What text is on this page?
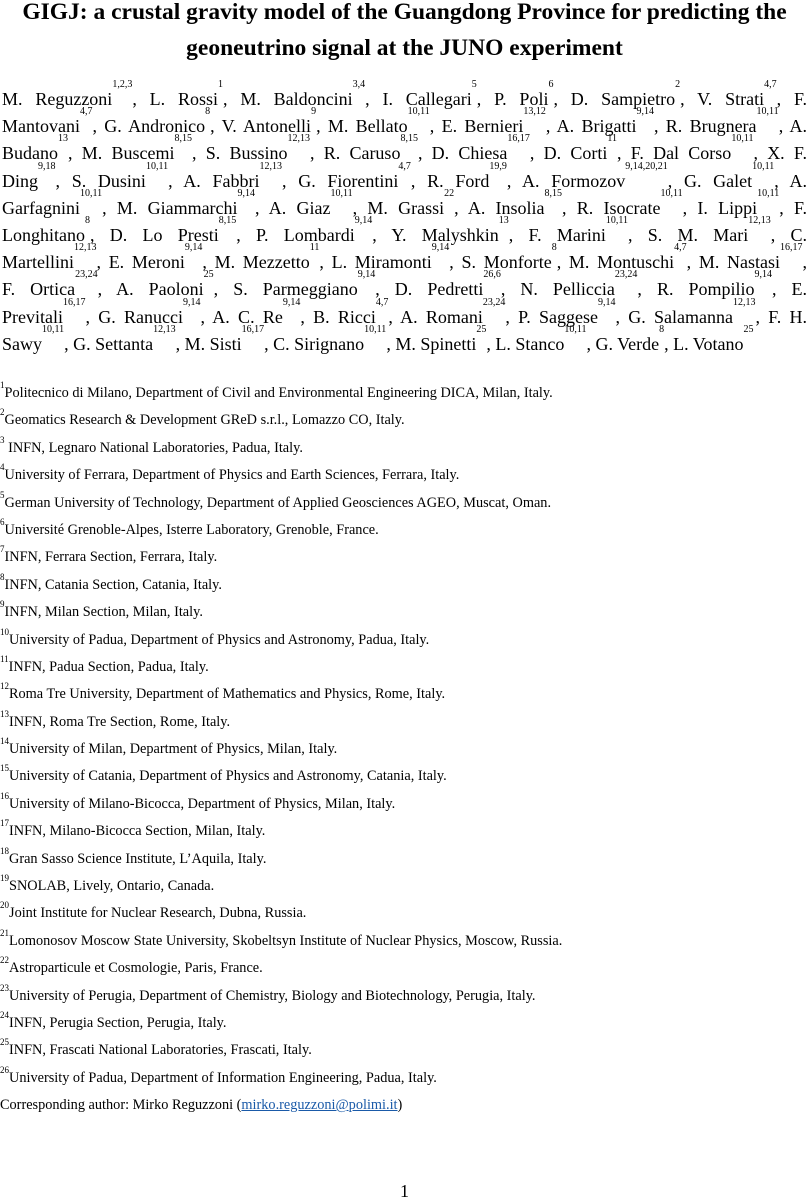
GIGJ: a crustal gravity model of the Guangdong Province for predicting the
geoneutrino signal at the JUNO experiment
M. Reguzzoni$^{1,2,3}$, L. Rossi$^1$, M. Baldoncini$^{3,4}$, I. Callegari$^5$, P. Poli$^6$, D. Sampietro$^2$, V. Strati$^{4,7}$, F.
Mantovani$^{4,7}$, G. Andronico$^8$, V. Antonelli$^9$, M. Bellato$^{10,11}$, E. Bernieri$^{13,12}$, A. Brigatti$^{9,14}$, R. Brugnera$^{10,11}$, A.
Budano$^{13}$, M. Buscemi$^{8,15}$, S. Bussino$^{12,13}$, R. Caruso$^{8,15}$, D. Chiesa$^{16,17}$, D. Corti$^{11}$, F. Dal Corso$^{10,11}$, X. F.
Ding$^{9,18}$, S. Dusini$^{10,11}$, A. Fabbri$^{12,13}$, G. Fiorentini$^{4,7}$, R. Ford$^{19,9}$, A. Formozov$^{9,14,20,21}$, G. Galet$^{10,11}$, A.
Garfagnini$^{10,11}$, M. Giammarchi$^{9,14}$, A. Giaz$^{10,11}$, M. Grassi$^{22}$, A. Insolia$^{8,15}$, R. Isocrate$^{10,11}$, I. Lippi$^{10,11}$, F.
Longhitano$^8$, D. Lo Presti$^{8,15}$, P. Lombardi$^{9,14}$, Y. Malyshkin$^{13}$, F. Marini$^{10,11}$, S. M. Mari$^{12,13}$, C.
Martellini$^{12,13}$, E. Meroni$^{9,14}$, M. Mezzetto$^{11}$, L. Miramonti$^{9,14}$, S. Monforte$^8$, M. Montuschi$^{4,7}$, M. Nastasi$^{16,17}$,
F. Ortica$^{23,24}$, A. Paoloni$^{25}$, S. Parmeggiano$^{9,14}$, D. Pedretti$^{26,6}$, N. Pelliccia$^{23,24}$, R. Pompilio$^{9,14}$, E.
Previtali$^{16,17}$, G. Ranucci$^{9,14}$, A. C. Re$^{9,14}$, B. Ricci$^{4,7}$, A. Romani$^{23,24}$, P. Saggese$^{9,14}$, G. Salamanna$^{12,13}$, F. H.
Sawy$^{10,11}$, G. Settanta$^{12,13}$, M. Sisti$^{16,17}$, C. Sirignano$^{10,11}$, M. Spinetti$^{25}$, L. Stanco$^{10,11}$, G. Verde$^8$, L. Votano$^{25}$
$^1$Politecnico di Milano, Department of Civil and Environmental Engineering DICA, Milan, Italy.
$^2$Geomatics Research & Development GReD s.r.l., Lomazzo CO, Italy.
$^3$ INFN, Legnaro National Laboratories, Padua, Italy.
$^4$University of Ferrara, Department of Physics and Earth Sciences, Ferrara, Italy.
$^5$German University of Technology, Department of Applied Geosciences AGEO, Muscat, Oman.
$^6$Université Grenoble-Alpes, Isterre Laboratory, Grenoble, France.
$^7$INFN, Ferrara Section, Ferrara, Italy.
$^8$INFN, Catania Section, Catania, Italy.
$^9$INFN, Milan Section, Milan, Italy.
$^{10}$University of Padua, Department of Physics and Astronomy, Padua, Italy.
$^{11}$INFN, Padua Section, Padua, Italy.
$^{12}$Roma Tre University, Department of Mathematics and Physics, Rome, Italy.
$^{13}$INFN, Roma Tre Section, Rome, Italy.
$^{14}$University of Milan, Department of Physics, Milan, Italy.
$^{15}$University of Catania, Department of Physics and Astronomy, Catania, Italy.
$^{16}$University of Milano-Bicocca, Department of Physics, Milan, Italy.
$^{17}$INFN, Milano-Bicocca Section, Milan, Italy.
$^{18}$Gran Sasso Science Institute, L’Aquila, Italy.
$^{19}$SNOLAB, Lively, Ontario, Canada.
$^{20}$Joint Institute for Nuclear Research, Dubna, Russia.
$^{21}$Lomonosov Moscow State University, Skobeltsyn Institute of Nuclear Physics, Moscow, Russia.
$^{22}$Astroparticule et Cosmologie, Paris, France.
$^{23}$University of Perugia, Department of Chemistry, Biology and Biotechnology, Perugia, Italy.
$^{24}$INFN, Perugia Section, Perugia, Italy.
$^{25}$INFN, Frascati National Laboratories, Frascati, Italy.
$^{26}$University of Padua, Department of Information Engineering, Padua, Italy.
Corresponding author: Mirko Reguzzoni (mirko.reguzzoni@polimi.it)
1
